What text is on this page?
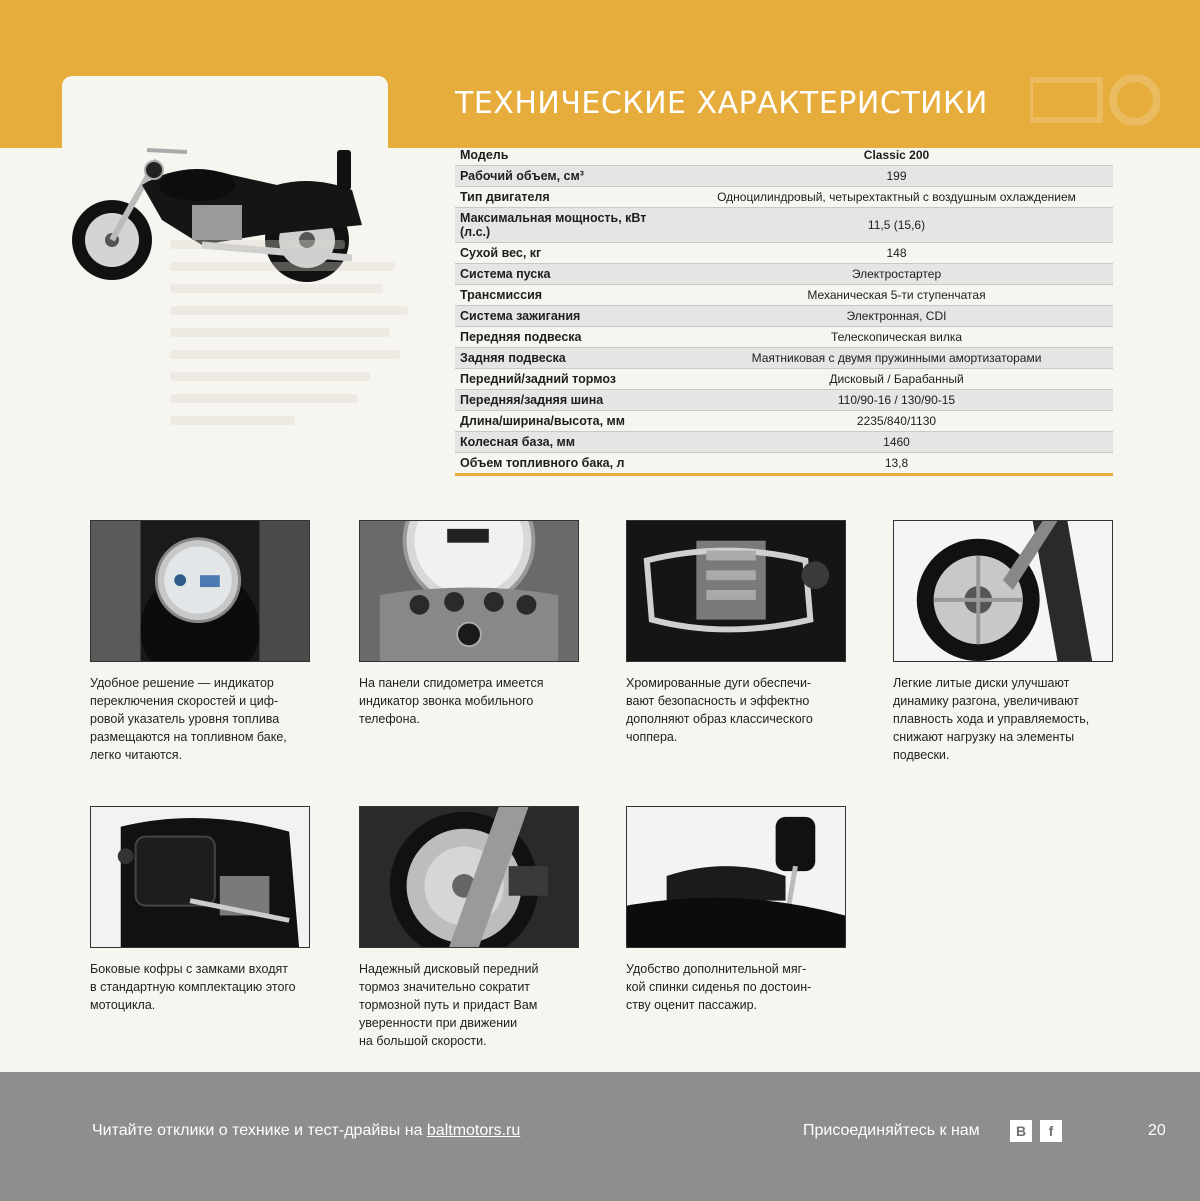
ТЕХНИЧЕСКИЕ ХАРАКТЕРИСТИКИ
Модель	Classic 200
Рабочий объем, см³	199
Тип двигателя	Одноцилиндровый, четырехтактный с воздушным охлаждением
Максимальная мощность, кВт (л.с.)	11,5 (15,6)
Сухой вес, кг	148
Система пуска	Электростартер
Трансмиссия	Механическая 5-ти ступенчатая
Система зажигания	Электронная, CDI
Передняя подвеска	Телескопическая вилка
Задняя подвеска	Маятниковая с двумя пружинными амортизаторами
Передний/задний тормоз	Дисковый / Барабанный
Передняя/задняя шина	110/90-16 / 130/90-15
Длина/ширина/высота, мм	2235/840/1130
Колесная база, мм	1460
Объем топливного бака, л	13,8
Удобное решение — индикатор
переключения скоростей и циф-
ровой указатель уровня топлива
размещаются на топливном баке,
легко читаются.
На панели спидометра имеется
индикатор звонка мобильного
телефона.
Хромированные дуги обеспечи-
вают безопасность и эффектно
дополняют образ классического
чоппера.
Легкие литые диски улучшают
динамику разгона, увеличивают
плавность хода и управляемость,
снижают нагрузку на элементы
подвески.
Боковые кофры с замками входят
в стандартную комплектацию этого
мотоцикла.
Надежный дисковый передний
тормоз значительно сократит
тормозной путь и придаст Вам
уверенности при движении
на большой скорости.
Удобство дополнительной мяг-
кой спинки сиденья по достоин-
ству оценит пассажир.
Читайте отклики о технике и тест-драйвы на baltmotors.ru	Присоединяйтесь к нам	B	f	20
